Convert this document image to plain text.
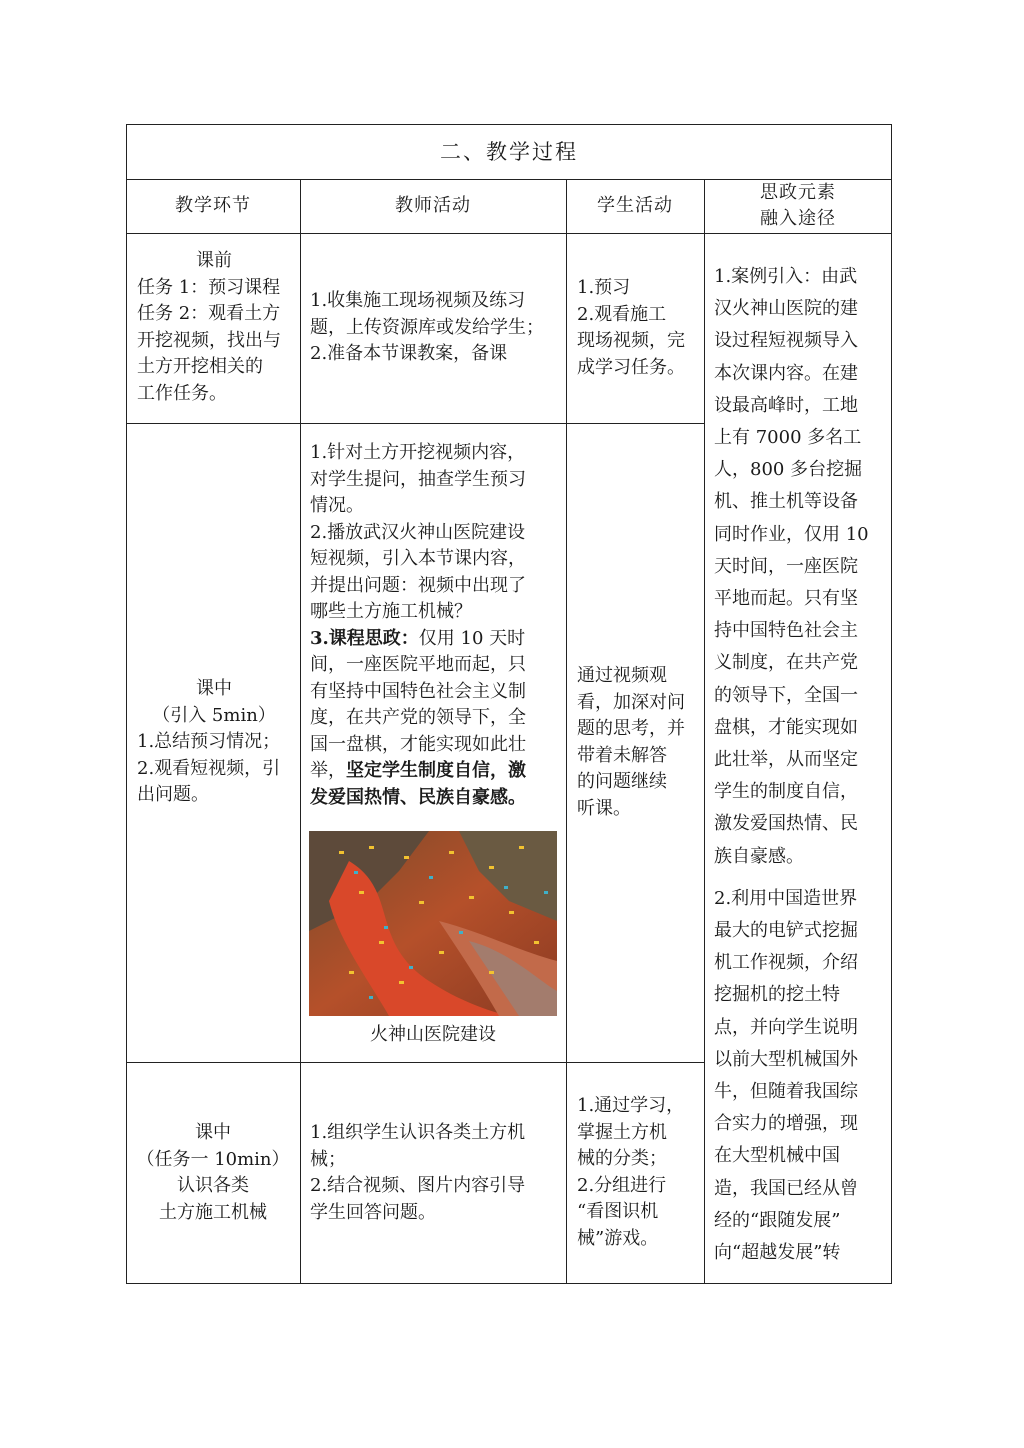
二、教学过程
教学环节	教师活动	学生活动

思政元素

融入途径

课前

任务 1：预习课程

任务 2：观看土方

开挖视频，找出与

土方开挖相关的

工作任务。

1.收集施工现场视频及练习

题，上传资源库或发给学生；

2.准备本节课教案，备课

1.预习

2.观看施工

现场视频，完

成学习任务。

课中

（引入 5min）

1.总结预习情况；

2.观看短视频，引

出问题。

1.针对土方开挖视频内容，

对学生提问，抽查学生预习

情况。

2.播放武汉火神山医院建设

短视频，引入本节课内容，

并提出问题：视频中出现了

哪些土方施工机械？

3.课程思政：仅用 10 天时

间，一座医院平地而起，只

有坚持中国特色社会主义制

度，在共产党的领导下，全

国一盘棋，才能实现如此壮

举，坚定学生制度自信，激

发爱国热情、民族自豪感。

火神山医院建设

通过视频观

看，加深对问

题的思考，并

带着未解答

的问题继续

听课。

课中

（任务一 10min）

认识各类

土方施工机械

1.组织学生认识各类土方机

械；

2.结合视频、图片内容引导

学生回答问题。

1.通过学习，

掌握土方机

械的分类；

2.分组进行

“看图识机

械”游戏。

1.案例引入：由武

汉火神山医院的建

设过程短视频导入

本次课内容。在建

设最高峰时，工地

上有 7000 多名工

人，800 多台挖掘

机、推土机等设备

同时作业，仅用 10

天时间，一座医院

平地而起。只有坚

持中国特色社会主

义制度，在共产党

的领导下，全国一

盘棋，才能实现如

此壮举，从而坚定

学生的制度自信，

激发爱国热情、民

族自豪感。

2.利用中国造世界

最大的电铲式挖掘

机工作视频，介绍

挖掘机的挖土特

点，并向学生说明

以前大型机械国外

牛，但随着我国综

合实力的增强，现

在大型机械中国

造，我国已经从曾

经的“跟随发展”

向“超越发展”转
